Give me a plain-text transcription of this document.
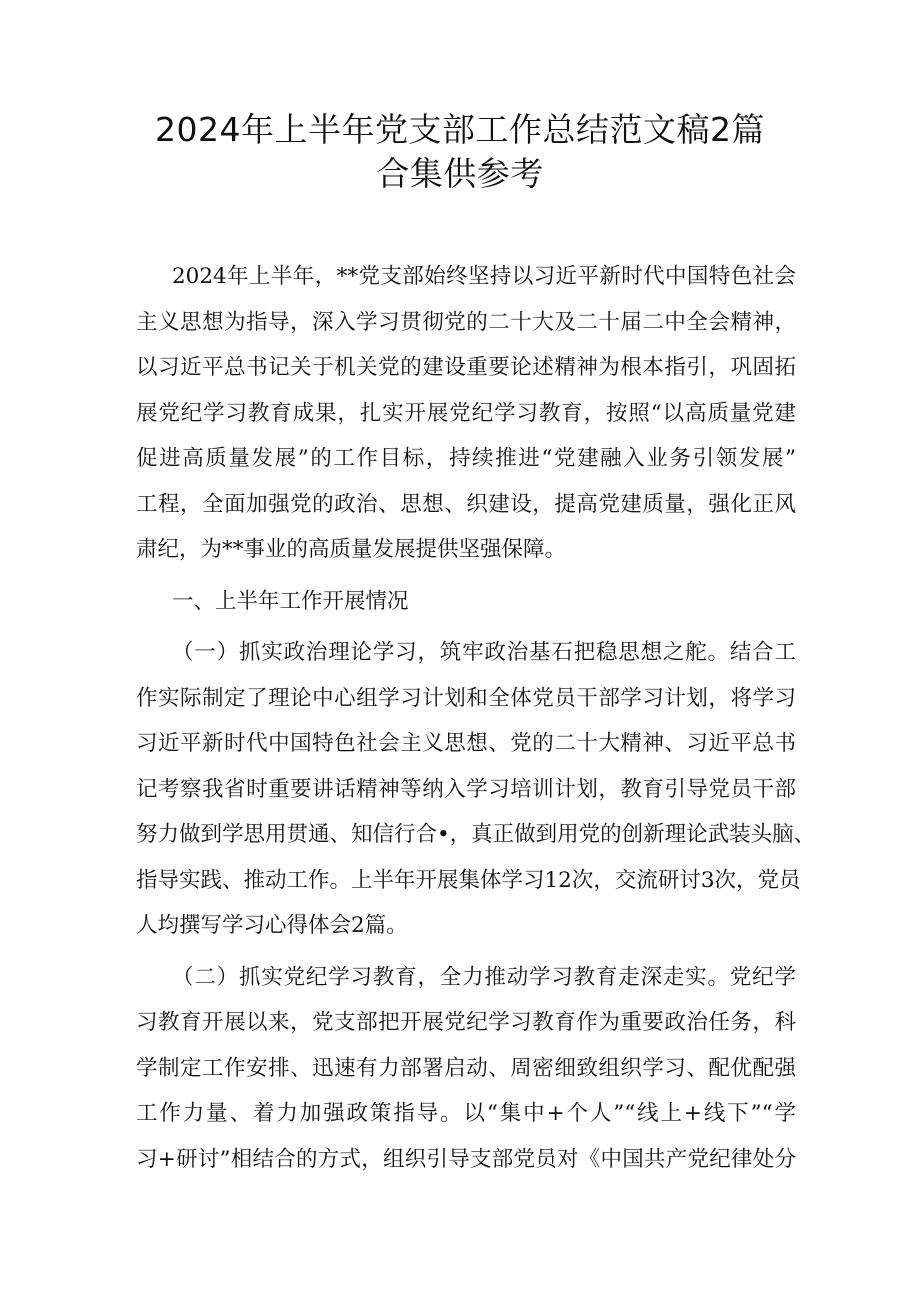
2024年上半年党支部工作总结范文稿2篇
合集供参考
2024年上半年，**党支部始终坚持以习近平新时代中国特色社会
主义思想为指导，深入学习贯彻党的二十大及二十届二中全会精神，
以习近平总书记关于机关党的建设重要论述精神为根本指引，巩固拓
展党纪学习教育成果，扎实开展党纪学习教育，按照“以高质量党建
促进高质量发展”的工作目标，持续推进“党建融入业务引领发展”
工程，全面加强党的政治、思想、织建设，提高党建质量，强化正风
肃纪，为**事业的高质量发展提供坚强保障。
一、上半年工作开展情况
（一）抓实政治理论学习，筑牢政治基石把稳思想之舵。结合工
作实际制定了理论中心组学习计划和全体党员干部学习计划，将学习
习近平新时代中国特色社会主义思想、党的二十大精神、习近平总书
记考察我省时重要讲话精神等纳入学习培训计划，教育引导党员干部
努力做到学思用贯通、知信行合•，真正做到用党的创新理论武装头脑、
指导实践、推动工作。上半年开展集体学习12次，交流研讨3次，党员
人均撰写学习心得体会2篇。
（二）抓实党纪学习教育，全力推动学习教育走深走实。党纪学
习教育开展以来，党支部把开展党纪学习教育作为重要政治任务，科
学制定工作安排、迅速有力部署启动、周密细致组织学习、配优配强
工作力量、着力加强政策指导。以“集中+个人”“线上+线下”“学
习+研讨”相结合的方式，组织引导支部党员对《中国共产党纪律处分
